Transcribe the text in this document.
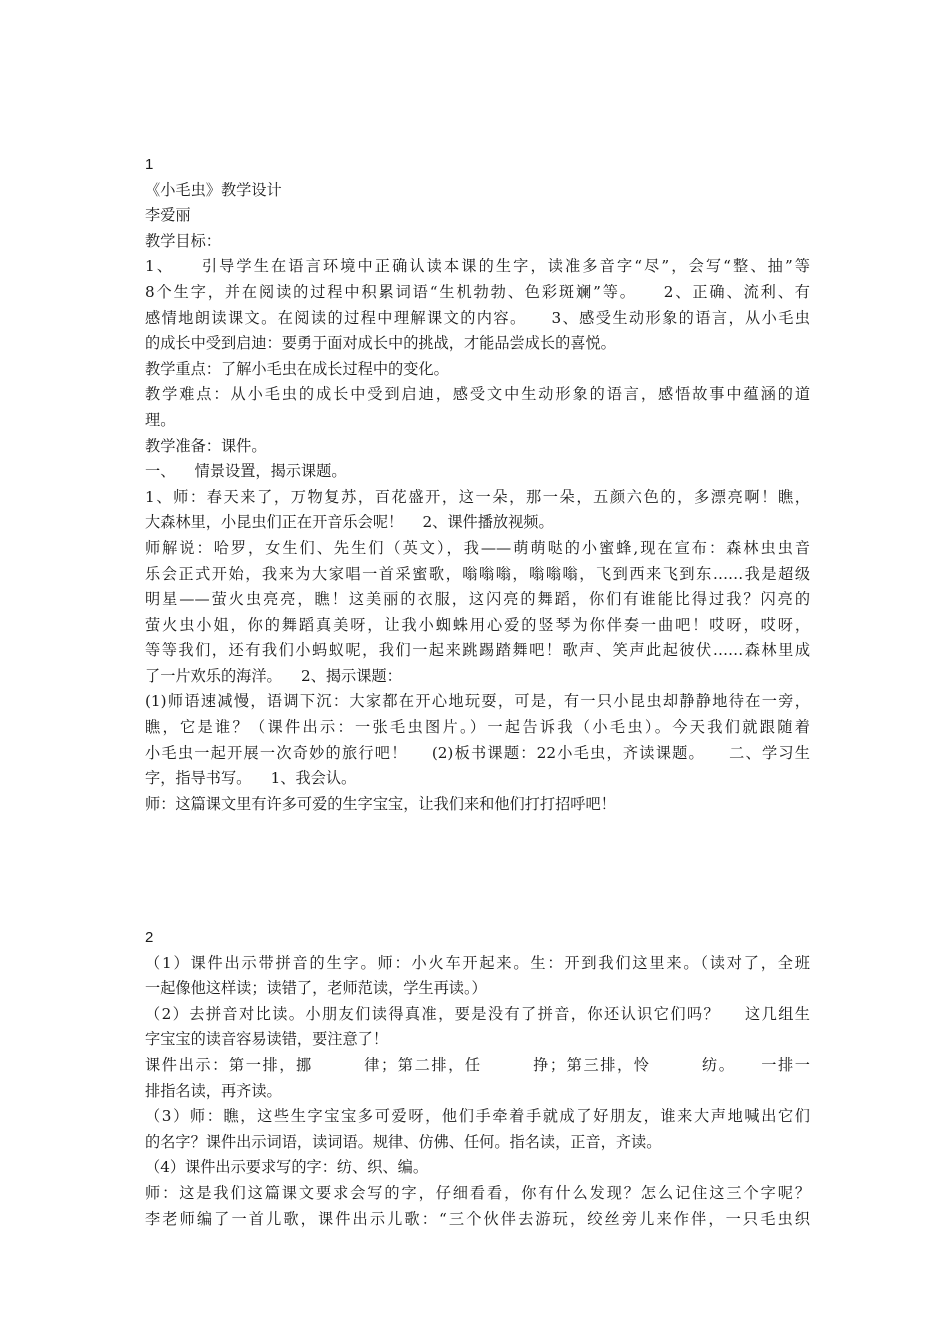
1
《小毛虫》教学设计
李爱丽
教学目标：
1、    引导学生在语言环境中正确认读本课的生字，读准多音字“尽”，会写“整、抽”等
8个生字，并在阅读的过程中积累词语“生机勃勃、色彩斑斓”等。    2、正确、流利、有
感情地朗读课文。在阅读的过程中理解课文的内容。    3、感受生动形象的语言，从小毛虫
的成长中受到启迪：要勇于面对成长中的挑战，才能品尝成长的喜悦。
教学重点：了解小毛虫在成长过程中的变化。
教学难点：从小毛虫的成长中受到启迪，感受文中生动形象的语言，感悟故事中蕴涵的道
理。
教学准备：课件。
一、    情景设置，揭示课题。
1、师：春天来了，万物复苏，百花盛开，这一朵，那一朵，五颜六色的，多漂亮啊！瞧，
大森林里，小昆虫们正在开音乐会呢！    2、课件播放视频。
师解说：哈罗，女生们、先生们（英文），我——萌萌哒的小蜜蜂,现在宣布：森林虫虫音
乐会正式开始，我来为大家唱一首采蜜歌，嗡嗡嗡，嗡嗡嗡，飞到西来飞到东……我是超级
明星——萤火虫亮亮，瞧！这美丽的衣服，这闪亮的舞蹈，你们有谁能比得过我？闪亮的
萤火虫小姐，你的舞蹈真美呀，让我小蜘蛛用心爱的竖琴为你伴奏一曲吧！哎呀，哎呀，
等等我们，还有我们小蚂蚁呢，我们一起来跳踢踏舞吧！歌声、笑声此起彼伏……森林里成
了一片欢乐的海洋。    2、揭示课题：
(1)师语速减慢，语调下沉：大家都在开心地玩耍，可是，有一只小昆虫却静静地待在一旁，
瞧，它是谁？（课件出示：一张毛虫图片。）一起告诉我（小毛虫）。今天我们就跟随着
小毛虫一起开展一次奇妙的旅行吧！    (2)板书课题：22小毛虫，齐读课题。    二、学习生
字，指导书写。    1、我会认。
师：这篇课文里有许多可爱的生字宝宝，让我们来和他们打打招呼吧！
2
（1）课件出示带拼音的生字。师：小火车开起来。生：开到我们这里来。（读对了，全班
一起像他这样读；读错了，老师范读，学生再读。）
（2）去拼音对比读。小朋友们读得真准，要是没有了拼音，你还认识它们吗？    这几组生
字宝宝的读音容易读错，要注意了！
课件出示：第一排，挪        律；第二排，任        挣；第三排，怜        纺。    一排一
排指名读，再齐读。
（3）师：瞧，这些生字宝宝多可爱呀，他们手牵着手就成了好朋友，谁来大声地喊出它们
的名字？课件出示词语，读词语。规律、仿佛、任何。指名读，正音，齐读。
（4）课件出示要求写的字：纺、织、编。
师：这是我们这篇课文要求会写的字，仔细看看，你有什么发现？怎么记住这三个字呢？
李老师编了一首儿歌，课件出示儿歌：“三个伙伴去游玩，绞丝旁儿来作伴，一只毛虫织
